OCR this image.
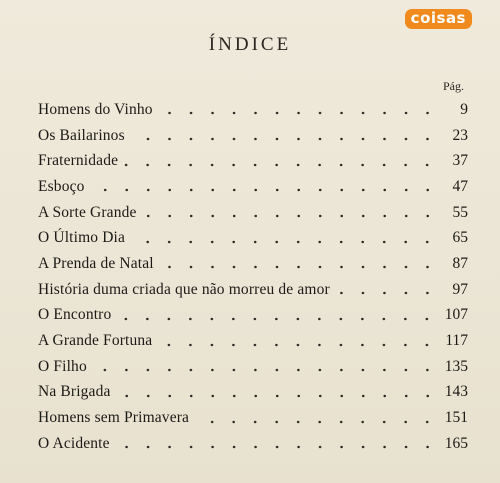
coisas
ÍNDICE
Pág.
Homens do Vinho	9
Os Bailarinos	23
Fraternidade	37
Esboço	47
A Sorte Grande	55
O Último Dia	65
A Prenda de Natal	87
História duma criada que não morreu de amor	97
O Encontro	107
A Grande Fortuna	117
O Filho	135
Na Brigada	143
Homens sem Primavera	151
O Acidente	165
